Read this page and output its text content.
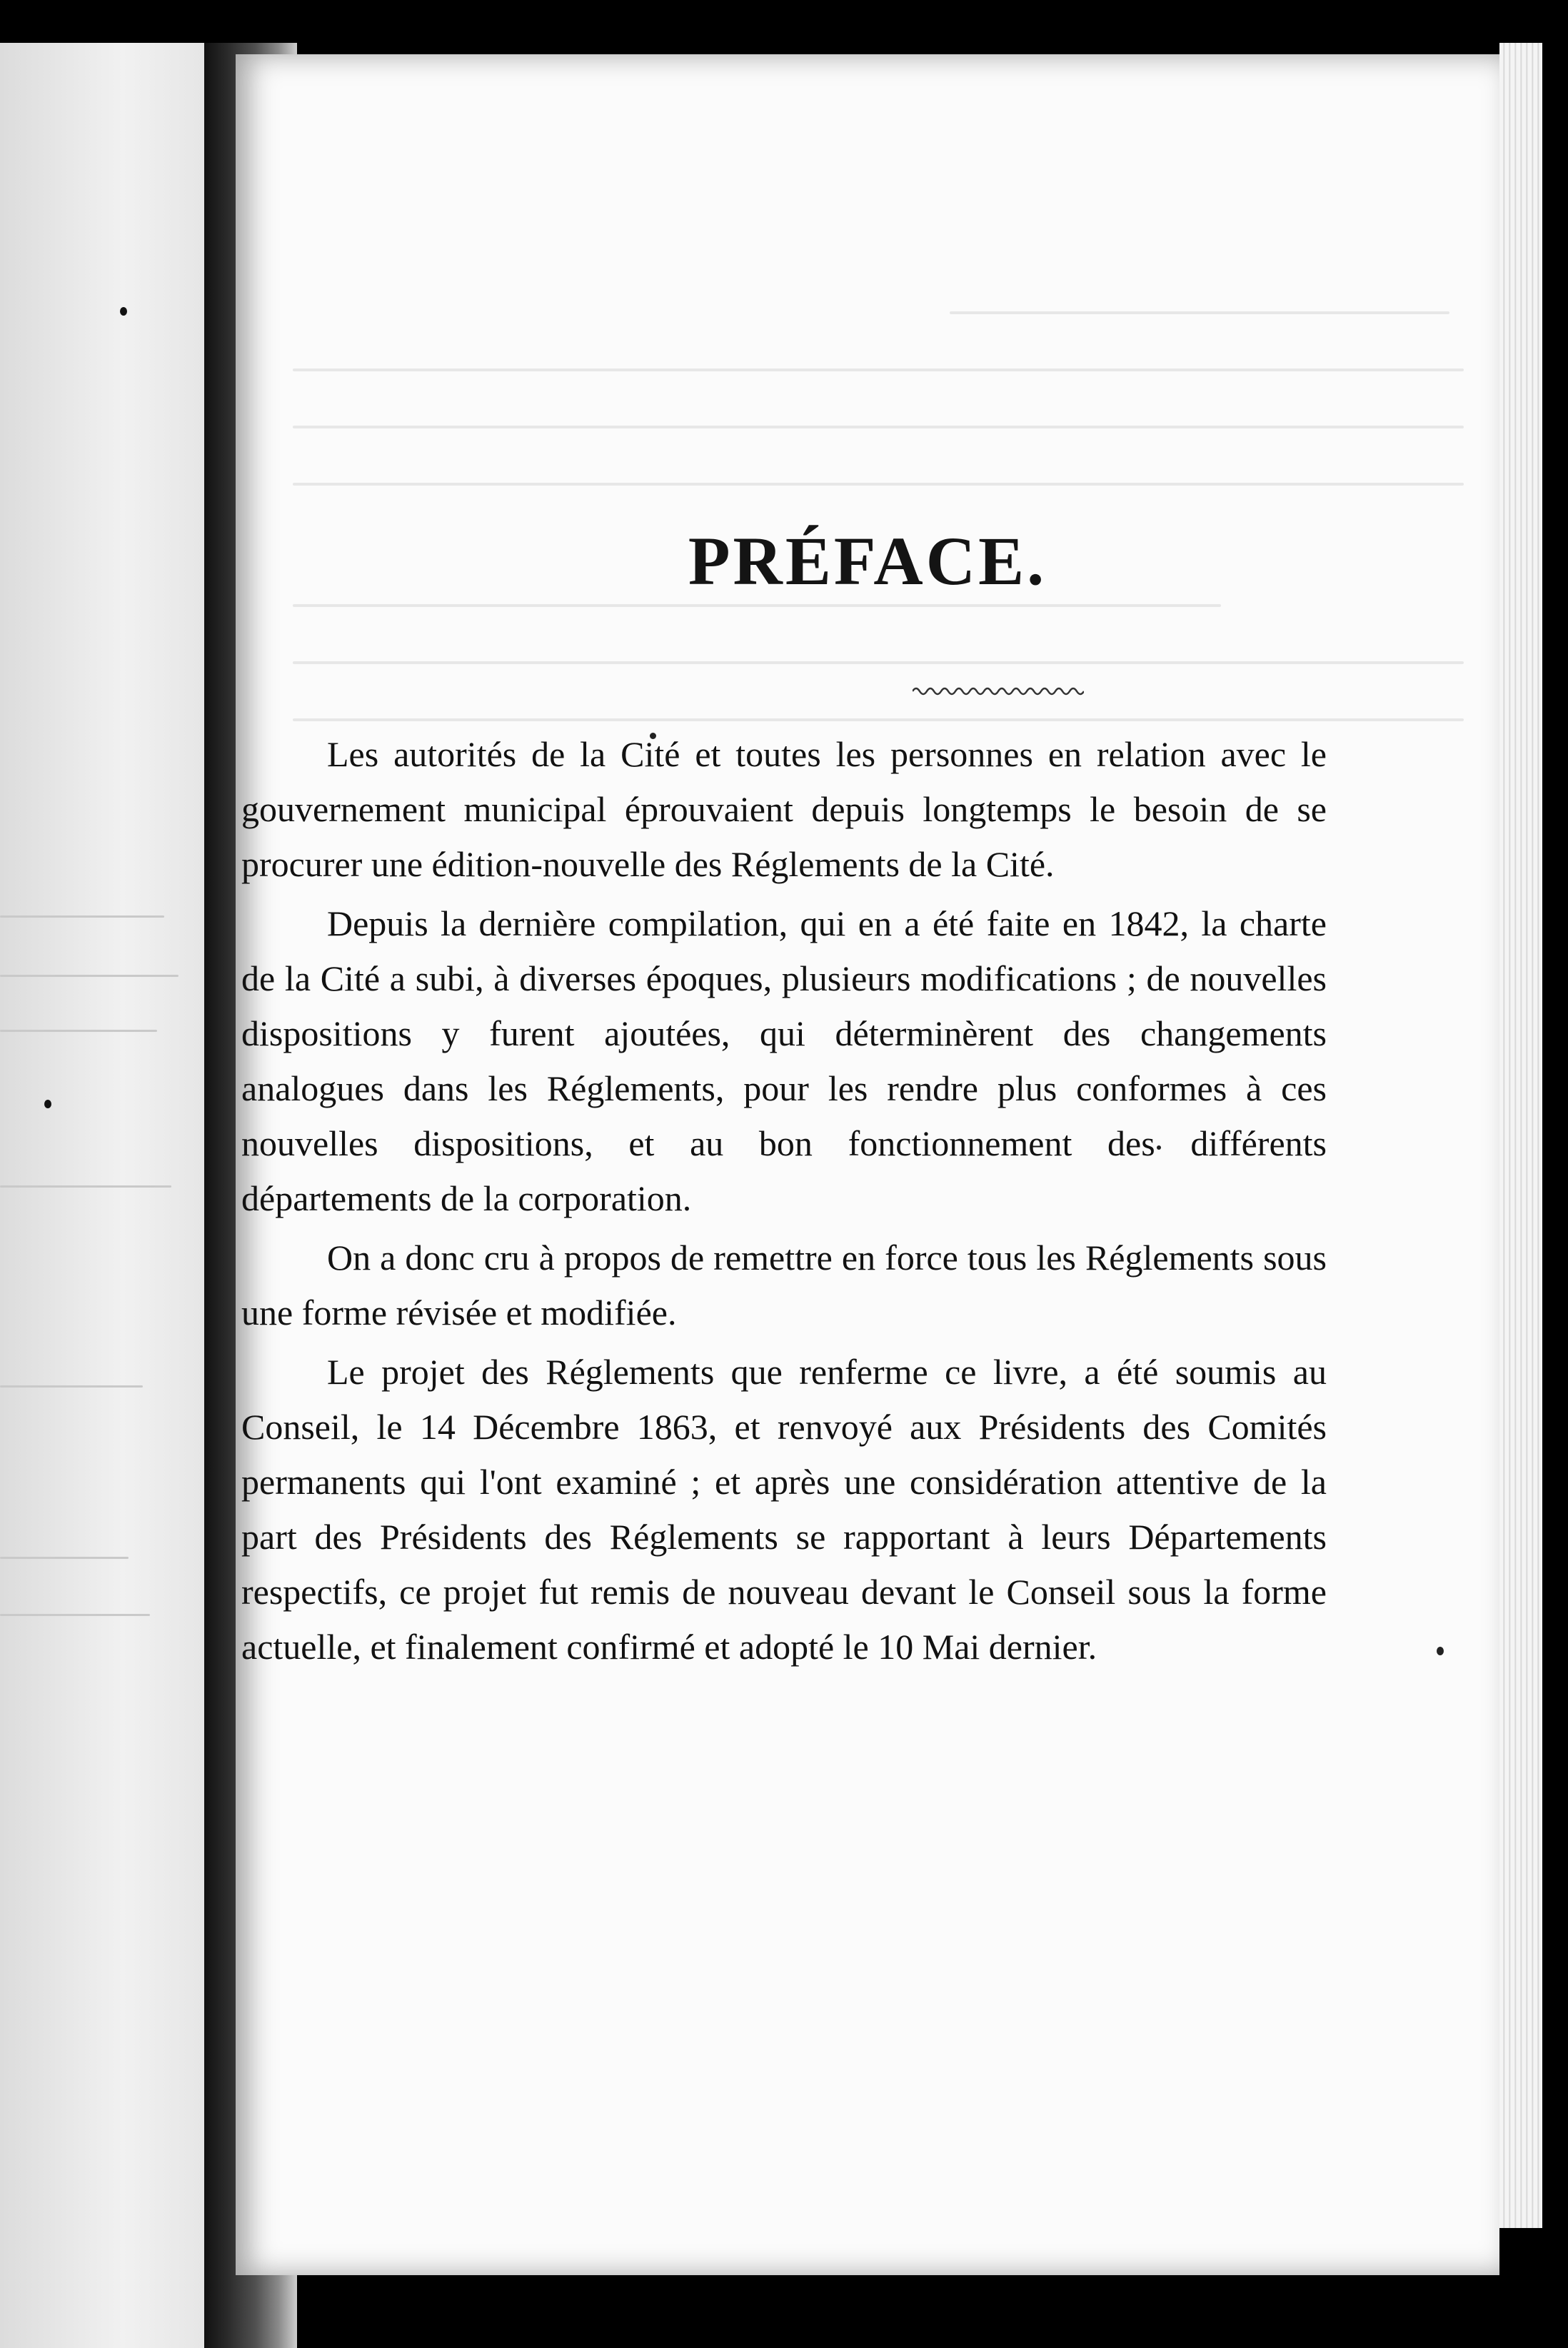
PRÉFACE.

Les autorités de la Cité et toutes les personnes en relation avec le gouvernement municipal éprouvaient depuis longtemps le besoin de se procurer une édition-nouvelle des Réglements de la Cité.

Depuis la dernière compilation, qui en a été faite en 1842, la charte de la Cité a subi, à diverses époques, plusieurs modifications ; de nouvelles dispositions y furent ajoutées, qui déterminèrent des changements analogues dans les Réglements, pour les rendre plus conformes à ces nouvelles dispositions, et au bon fonctionnement des différents départements de la corporation.

On a donc cru à propos de remettre en force tous les Réglements sous une forme révisée et modifiée.

Le projet des Réglements que renferme ce livre, a été soumis au Conseil, le 14 Décembre 1863, et renvoyé aux Présidents des Comités permanents qui l'ont examiné ; et après une considération attentive de la part des Présidents des Réglements se rapportant à leurs Départements respectifs, ce projet fut remis de nouveau devant le Conseil sous la forme actuelle, et finalement confirmé et adopté le 10 Mai dernier.
